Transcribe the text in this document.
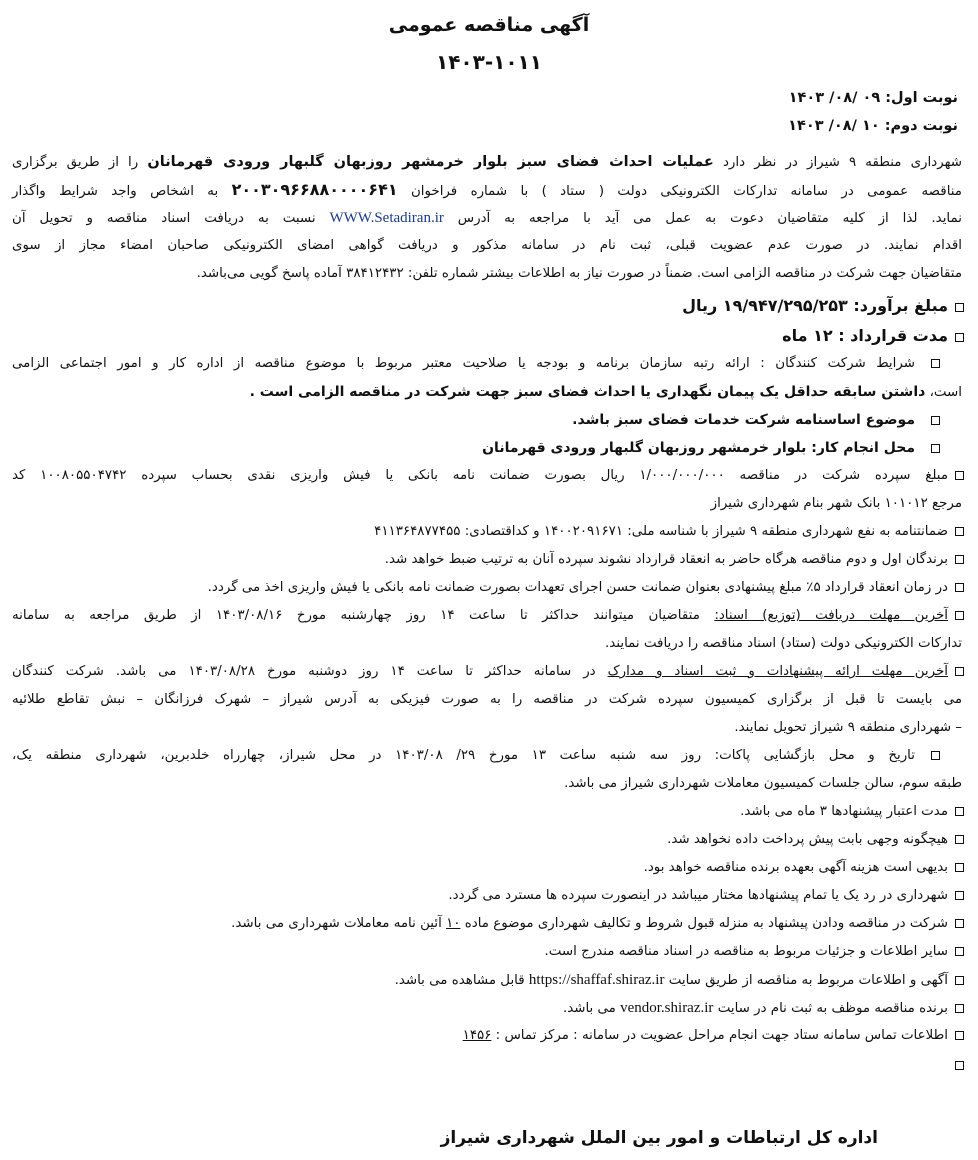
آگهی مناقصه عمومی
۱۴۰۳-۱۰۱۱
نوبت اول: ۰۹ /۰۸/ ۱۴۰۳
نوبت دوم: ۱۰ /۰۸/ ۱۴۰۳
شهرداری منطقه ۹ شیراز در نظر دارد عملیات احداث فضای سبز بلوار خرمشهر روزبهان گلبهار ورودی قهرمانان را از طریق برگزاری
مناقصه عمومی در سامانه تدارکات الکترونیکی دولت ( ستاد ) با شماره فراخوان ۲۰۰۳۰۹۶۶۸۸۰۰۰۰۶۴۱ به اشخاص واجد شرایط واگذار
نماید. لذا از کلیه متقاضیان دعوت به عمل می آید با مراجعه به آدرس WWW.Setadiran.ir نسبت به دریافت اسناد مناقصه و تحویل آن
اقدام نمایند. در صورت عدم عضویت قبلی، ثبت نام در سامانه مذکور و دریافت گواهی امضای الکترونیکی صاحبان امضاء مجاز از سوی
متقاضیان جهت شرکت در مناقصه الزامی است. ضمناً در صورت نیاز به اطلاعات بیشتر شماره تلفن: ۳۸۴۱۲۴۳۲ آماده پاسخ گویی می‌باشد.
مبلغ برآورد: ۱۹/۹۴۷/۲۹۵/۲۵۳ ریال
مدت قرارداد : ۱۲ ماه
شرایط شرکت کنندگان : ارائه رتبه سازمان برنامه و بودجه یا صلاحیت معتبر مربوط با موضوع مناقصه از اداره کار و امور اجتماعی الزامی
است، داشتن سابقه حداقل یک پیمان نگهداری یا احداث فضای سبز جهت شرکت در مناقصه الزامی است .
موضوع اساسنامه شرکت خدمات فضای سبز باشد.
محل انجام کار: بلوار خرمشهر روزبهان گلبهار ورودی قهرمانان
مبلغ سپرده شرکت در مناقصه ۱/۰۰۰/۰۰۰/۰۰۰ ریال بصورت ضمانت نامه بانکی یا فیش واریزی نقدی بحساب سپرده ۱۰۰۸۰۵۵۰۴۷۴۲ کد
مرجع ۱۰۱۰۱۲ بانک شهر بنام شهرداری شیراز
ضمانتنامه به نفع شهرداری منطقه ۹ شیراز با شناسه ملی: ۱۴۰۰۲۰۹۱۶۷۱ و کداقتصادی: ۴۱۱۳۶۴۸۷۷۴۵۵
برندگان اول و دوم مناقصه هرگاه حاضر به انعقاد قرارداد نشوند سپرده آنان به ترتیب ضبط خواهد شد.
در زمان انعقاد قرارداد ۵٪ مبلغ پیشنهادی بعنوان ضمانت حسن اجرای تعهدات بصورت ضمانت نامه بانکی یا فیش واریزی اخذ می گردد.
آخرین مهلت دریافت (توزیع) اسناد: متقاضیان میتوانند حداکثر تا ساعت ۱۴ روز چهارشنبه مورخ ۱۴۰۳/۰۸/۱۶ از طریق مراجعه به سامانه
تدارکات الکترونیکی دولت (ستاد) اسناد مناقصه را دریافت نمایند.
آخرین مهلت ارائه پیشنهادات و ثبت اسناد و مدارک در سامانه حداکثر تا ساعت ۱۴ روز دوشنبه مورخ ۱۴۰۳/۰۸/۲۸ می باشد. شرکت کنندگان
می بایست تا قبل از برگزاری کمیسیون سپرده شرکت در مناقصه را به صورت فیزیکی به آدرس شیراز – شهرک فرزانگان – نبش تقاطع طلائیه
– شهرداری منطقه ۹ شیراز تحویل نمایند.
تاریخ و محل بازگشایی پاکات: روز سه شنبه ساعت ۱۳ مورخ ۲۹/ ۱۴۰۳/۰۸ در محل شیراز، چهارراه خلدبرین، شهرداری منطقه یک،
طبقه سوم، سالن جلسات کمیسیون معاملات شهرداری شیراز می باشد.
مدت اعتبار پیشنهادها ۳ ماه می باشد.
هیچگونه وجهی بابت پیش پرداخت داده نخواهد شد.
بدیهی است هزینه آگهی بعهده برنده مناقصه خواهد بود.
شهرداری در رد یک یا تمام پیشنهادها مختار میباشد در اینصورت سپرده ها مسترد می گردد.
شرکت در مناقصه ودادن پیشنهاد به منزله قبول شروط و تکالیف شهرداری موضوع ماده ۱۰ آئین نامه معاملات شهرداری می باشد.
سایر اطلاعات و جزئیات مربوط به مناقصه در اسناد مناقصه مندرج است.
آگهی و اطلاعات مربوط به مناقصه از طریق سایت https://shaffaf.shiraz.ir قابل مشاهده می باشد.
برنده مناقصه موظف به ثبت نام در سایت vendor.shiraz.ir می باشد.
اطلاعات تماس سامانه ستاد جهت انجام مراحل عضویت در سامانه : مرکز تماس : ۱۴۵۶
اداره کل ارتباطات و امور بین الملل شهرداری شیراز
